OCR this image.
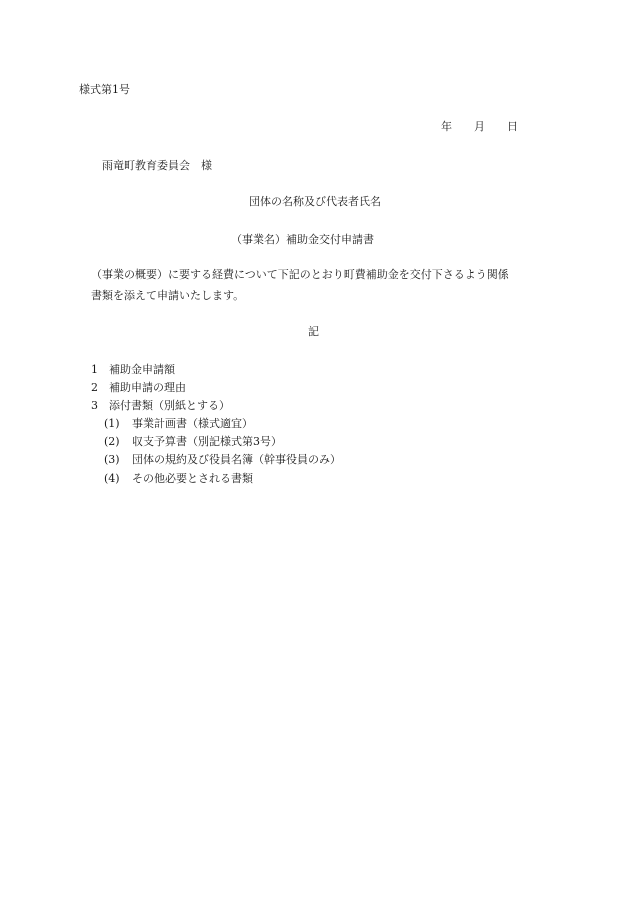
様式第1号
年 月 日
雨竜町教育委員会　様
団体の名称及び代表者氏名
（事業名）補助金交付申請書
（事業の概要）に要する経費について下記のとおり町費補助金を交付下さるよう関係
書類を添えて申請いたします。
記
1 補助金申請額
2 補助申請の理由
3 添付書類（別紙とする）
(1) 事業計画書（様式適宜）
(2) 収支予算書（別記様式第3号）
(3) 団体の規約及び役員名簿（幹事役員のみ）
(4) その他必要とされる書類
